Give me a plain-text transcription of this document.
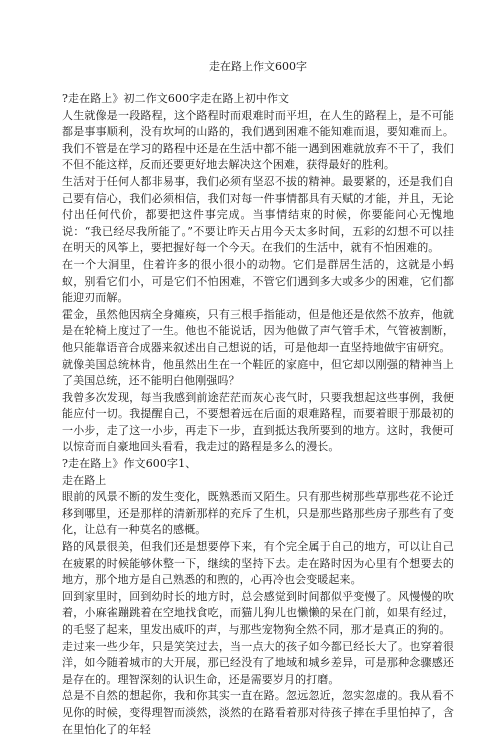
走在路上作文600字

?走在路上》初二作文600字走在路上初中作文

人生就像是一段路程，这个路程时而艰难时而平坦，在人生的路程上，是不可能都是事事顺利，没有坎坷的山路的，我们遇到困难不能知难而退，要知难而上。我们不管是在学习的路程中还是在生活中都不能一遇到困难就放弃不干了，我们不但不能这样，反而还要更好地去解决这个困难，获得最好的胜利。

生活对于任何人都非易事，我们必须有坚忍不拔的精神。最要紧的，还是我们自己要有信心，我们必须相信，我们对每一件事情都具有天赋的才能，并且，无论付出任何代价，都要把这件事完成。当事情结束的时候，你要能问心无愧地说：“我已经尽我所能了。”不要让昨天占用今天太多时间，五彩的幻想不可以挂在明天的风筝上，要把握好每一个今天。在我们的生活中，就有不怕困难的。

在一个大洞里，住着许多的很小很小的动物。它们是群居生活的，这就是小蚂蚁，别看它们小，可是它们不怕困难，不管它们遇到多大或多少的困难，它们都能迎刃而解。

霍金，虽然他因病全身瘫痪，只有三根手指能动，但是他还是依然不放弃，他就是在轮椅上度过了一生。他也不能说话，因为他做了声气管手术，气管被割断，他只能靠语音合成器来叙述出自己想说的话，可是他却一直坚持地做宇宙研究。

就像美国总统林肯，他虽然出生在一个鞋匠的家庭中，但它却以刚强的精神当上了美国总统，还不能明白他刚强吗？

我曾多次发现，每当我感到前途茫茫而灰心丧气时，只要我想起这些事例，我便能应付一切。我提醒自己，不要想着远在后面的艰难路程，而要着眼于那最初的一小步，走了这一小步，再走下一步，直到抵达我所要到的地方。这时，我便可以惊奇而自豪地回头看看，我走过的路程是多么的漫长。

?走在路上》作文600字1、

走在路上

眼前的风景不断的发生变化，既熟悉而又陌生。只有那些树那些草那些花不论迁移到哪里，还是那样的清新那样的充斥了生机，只是那些路那些房子那些有了变化，让总有一种莫名的感概。

路的风景很美，但我们还是想要停下来，有个完全属于自己的地方，可以让自己在疲累的时候能够休整一下，继续的坚持下去。走在路时因为心里有个想要去的地方，那个地方是自己熟悉的和煦的，心再冷也会变暖起来。

回到家里时，回到幼时长的地方时，总会感觉到时间都似乎变慢了。风慢慢的吹着，小麻雀蹦跳着在空地找食吃，而猫儿狗儿也懒懒的呆在门前，如果有经过，的毛竖了起来，里发出威吓的声，与那些宠物狗全然不同，那才是真正的狗的。

走过来一些少年，只是笑笑过去，当一点大的孩子如今都已经长大了。也穿着很洋，如今随着城市的大开展，那已经没有了地域和城乡差异，可是那种念骤感还是存在的。理智深刻的认识生命，还是需要岁月的打磨。

总是不自然的想起你，我和你其实一直在路。忽远忽近，忽实忽虚的。我从看不见你的时候，变得理智而淡然，淡然的在路看着那对待孩子摔在手里怕掉了，含在里怕化了的年轻
